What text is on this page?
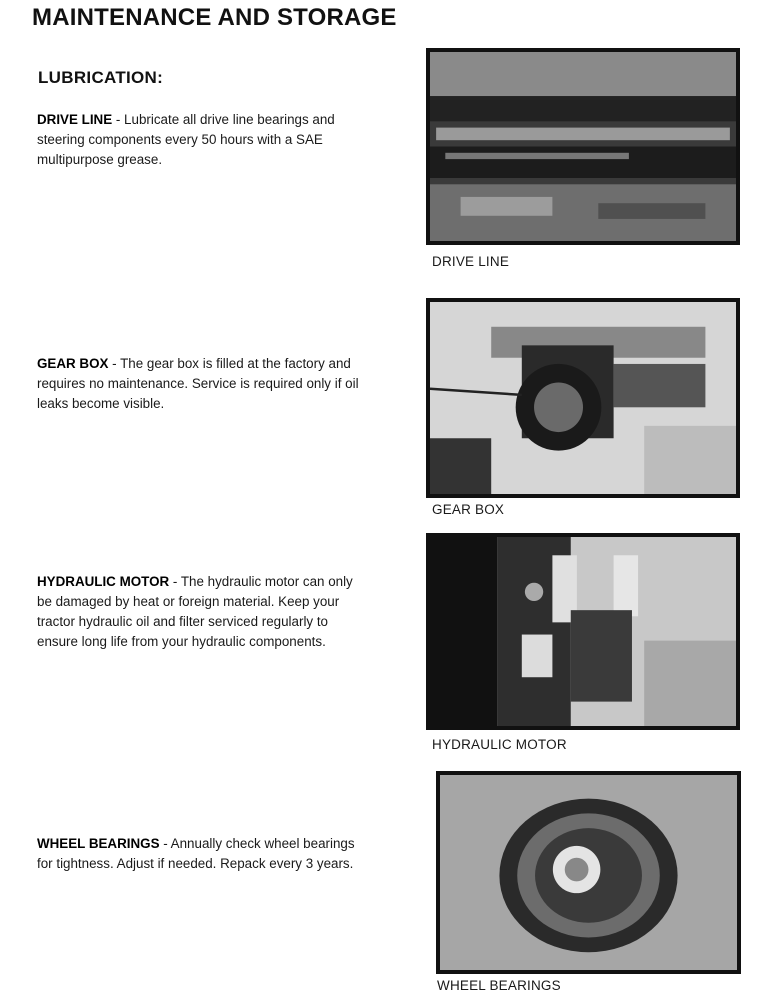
MAINTENANCE AND STORAGE
LUBRICATION:

DRIVE LINE - Lubricate all drive line bearings and steering components every 50 hours with a SAE multipurpose grease.

DRIVE LINE

GEAR BOX - The gear box is filled at the factory and requires no maintenance. Service is required only if oil leaks become visible.

GEAR BOX

HYDRAULIC MOTOR - The hydraulic motor can only be damaged by heat or foreign material. Keep your tractor hydraulic oil and filter serviced regularly to ensure long life from your hydraulic components.

HYDRAULIC MOTOR

WHEEL BEARINGS - Annually check wheel bearings for tightness. Adjust if needed. Repack every 3 years.

WHEEL BEARINGS
